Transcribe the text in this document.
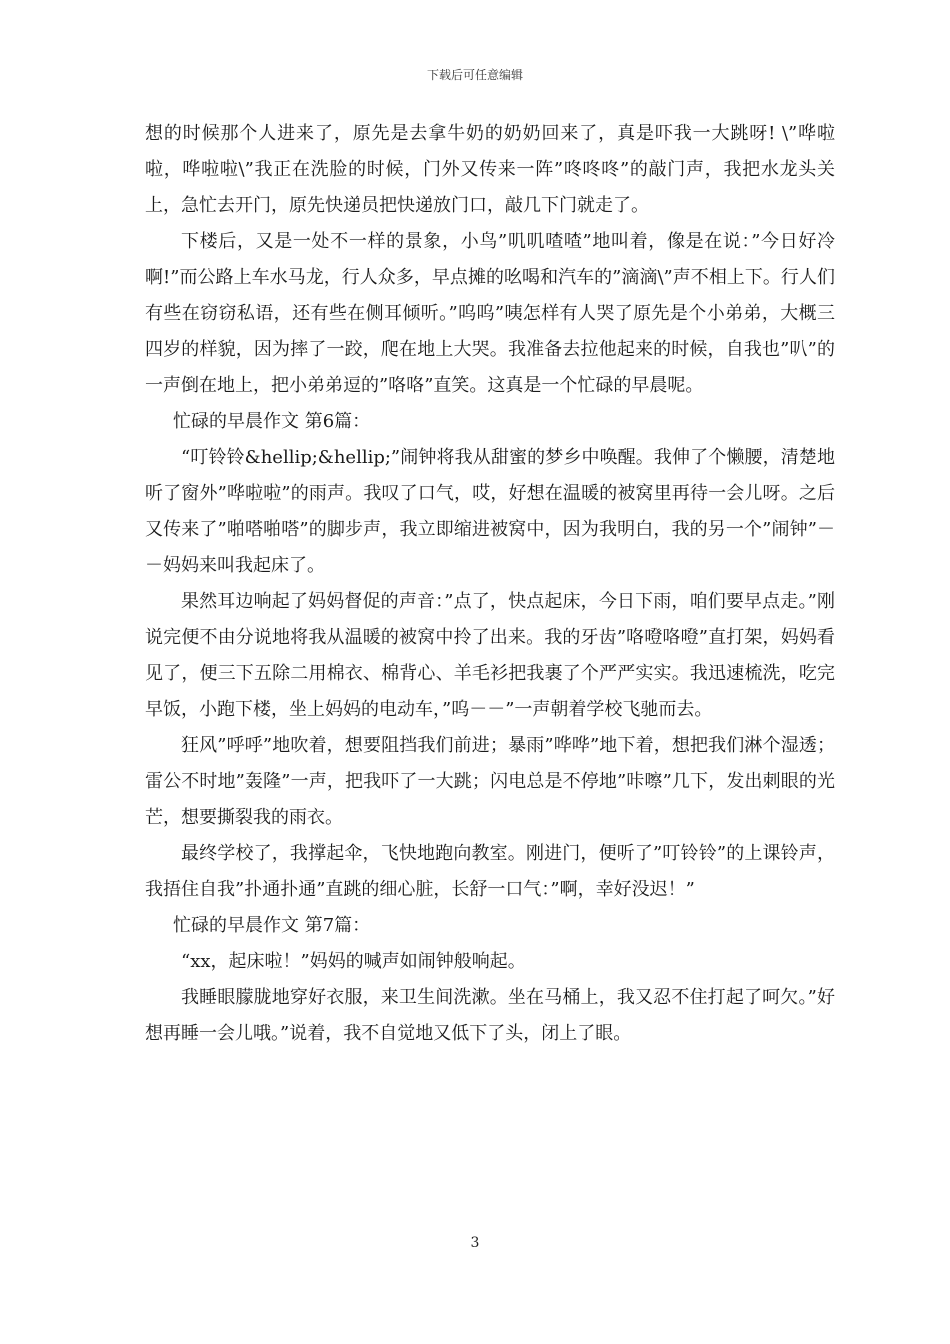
下载后可任意编辑

想的时候那个人进来了，原先是去拿牛奶的奶奶回来了，真是吓我一大跳呀! \”哗啦啦，哗啦啦\”我正在洗脸的时候，门外又传来一阵”咚咚咚”的敲门声，我把水龙头关上，急忙去开门，原先快递员把快递放门口，敲几下门就走了。

下楼后，又是一处不一样的景象，小鸟”叽叽喳喳”地叫着，像是在说：”今日好冷啊!”而公路上车水马龙，行人众多，早点摊的吆喝和汽车的”滴滴\”声不相上下。行人们有些在窃窃私语，还有些在侧耳倾听。”呜呜”咦怎样有人哭了原先是个小弟弟，大概三四岁的样貌，因为摔了一跤，爬在地上大哭。我准备去拉他起来的时候，自我也”叭”的一声倒在地上，把小弟弟逗的”咯咯”直笑。这真是一个忙碌的早晨呢。

忙碌的早晨作文 第6篇：

“叮铃铃&hellip;&hellip;”闹钟将我从甜蜜的梦乡中唤醒。我伸了个懒腰，清楚地听了窗外”哗啦啦”的雨声。我叹了口气，哎，好想在温暖的被窝里再待一会儿呀。之后又传来了”啪嗒啪嗒”的脚步声，我立即缩进被窝中，因为我明白，我的另一个”闹钟”－－妈妈来叫我起床了。

果然耳边响起了妈妈督促的声音：”点了，快点起床，今日下雨，咱们要早点走。”刚说完便不由分说地将我从温暖的被窝中拎了出来。我的牙齿”咯噔咯噔”直打架，妈妈看见了，便三下五除二用棉衣、棉背心、羊毛衫把我裹了个严严实实。我迅速梳洗，吃完早饭，小跑下楼，坐上妈妈的电动车，”呜－－”一声朝着学校飞驰而去。

狂风”呼呼”地吹着，想要阻挡我们前进；暴雨”哗哗”地下着，想把我们淋个湿透；雷公不时地”轰隆”一声，把我吓了一大跳；闪电总是不停地”咔嚓”几下，发出刺眼的光芒，想要撕裂我的雨衣。

最终学校了，我撑起伞，飞快地跑向教室。刚进门，便听了”叮铃铃”的上课铃声，我捂住自我”扑通扑通”直跳的细心脏，长舒一口气：”啊，幸好没迟！”

忙碌的早晨作文 第7篇：

“xx，起床啦！”妈妈的喊声如闹钟般响起。

我睡眼朦胧地穿好衣服，来卫生间洗漱。坐在马桶上，我又忍不住打起了呵欠。”好想再睡一会儿哦。”说着，我不自觉地又低下了头，闭上了眼。

3
